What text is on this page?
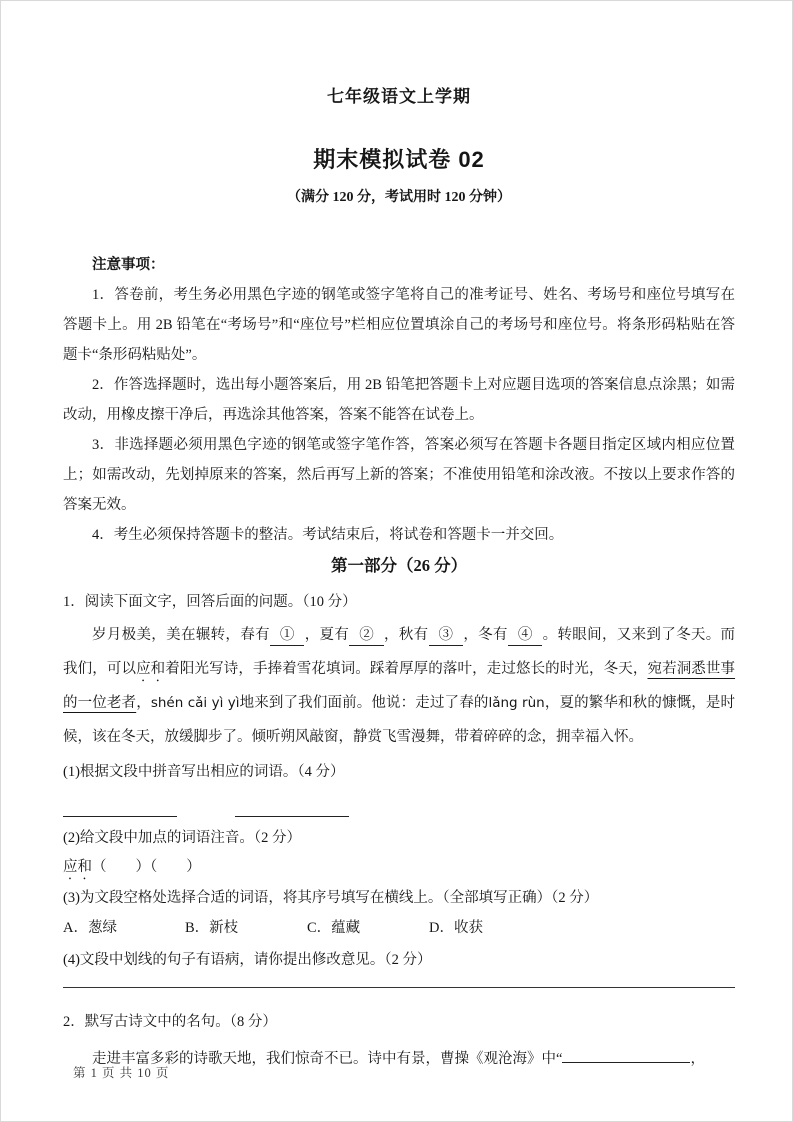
七年级语文上学期
期末模拟试卷 02

（满分 120 分，考试用时 120 分钟）

注意事项：

1．答卷前，考生务必用黑色字迹的钢笔或签字笔将自己的准考证号、姓名、考场号和座位号填写在答题卡上。用 2B 铅笔在“考场号”和“座位号”栏相应位置填涂自己的考场号和座位号。将条形码粘贴在答题卡“条形码粘贴处”。

2．作答选择题时，选出每小题答案后，用 2B 铅笔把答题卡上对应题目选项的答案信息点涂黑；如需改动，用橡皮擦干净后，再选涂其他答案，答案不能答在试卷上。

3．非选择题必须用黑色字迹的钢笔或签字笔作答，答案必须写在答题卡各题目指定区域内相应位置上；如需改动，先划掉原来的答案，然后再写上新的答案；不准使用铅笔和涂改液。不按以上要求作答的答案无效。

4．考生必须保持答题卡的整洁。考试结束后，将试卷和答题卡一并交回。

第一部分（26 分）

1．阅读下面文字，回答后面的问题。（10 分）

岁月极美，美在辗转，春有 ① ，夏有 ② ，秋有 ③ ，冬有 ④ 。转眼间，又来到了冬天。而我们，可以应和着阳光写诗，手捧着雪花填词。踩着厚厚的落叶，走过悠长的时光，冬天，宛若洞悉世事的一位老者，shén cǎi yì yì地来到了我们面前。他说：走过了春的lǎng rùn，夏的繁华和秋的慷慨，是时候，该在冬天，放缓脚步了。倾听朔风敲窗，静赏飞雪漫舞，带着碎碎的念，拥幸福入怀。

(1)根据文段中拼音写出相应的词语。（4 分）

(2)给文段中加点的词语注音。（2 分）

应和（　　）（　　）

(3)为文段空格处选择合适的词语，将其序号填写在横线上。（全部填写正确）（2 分）

A．葱绿	B．新枝	C．蕴藏	D．收获

(4)文段中划线的句子有语病，请你提出修改意见。（2 分）

2．默写古诗文中的名句。（8 分）

走进丰富多彩的诗歌天地，我们惊奇不已。诗中有景，曹操《观沧海》中“	，

第 1 页 共 10 页
